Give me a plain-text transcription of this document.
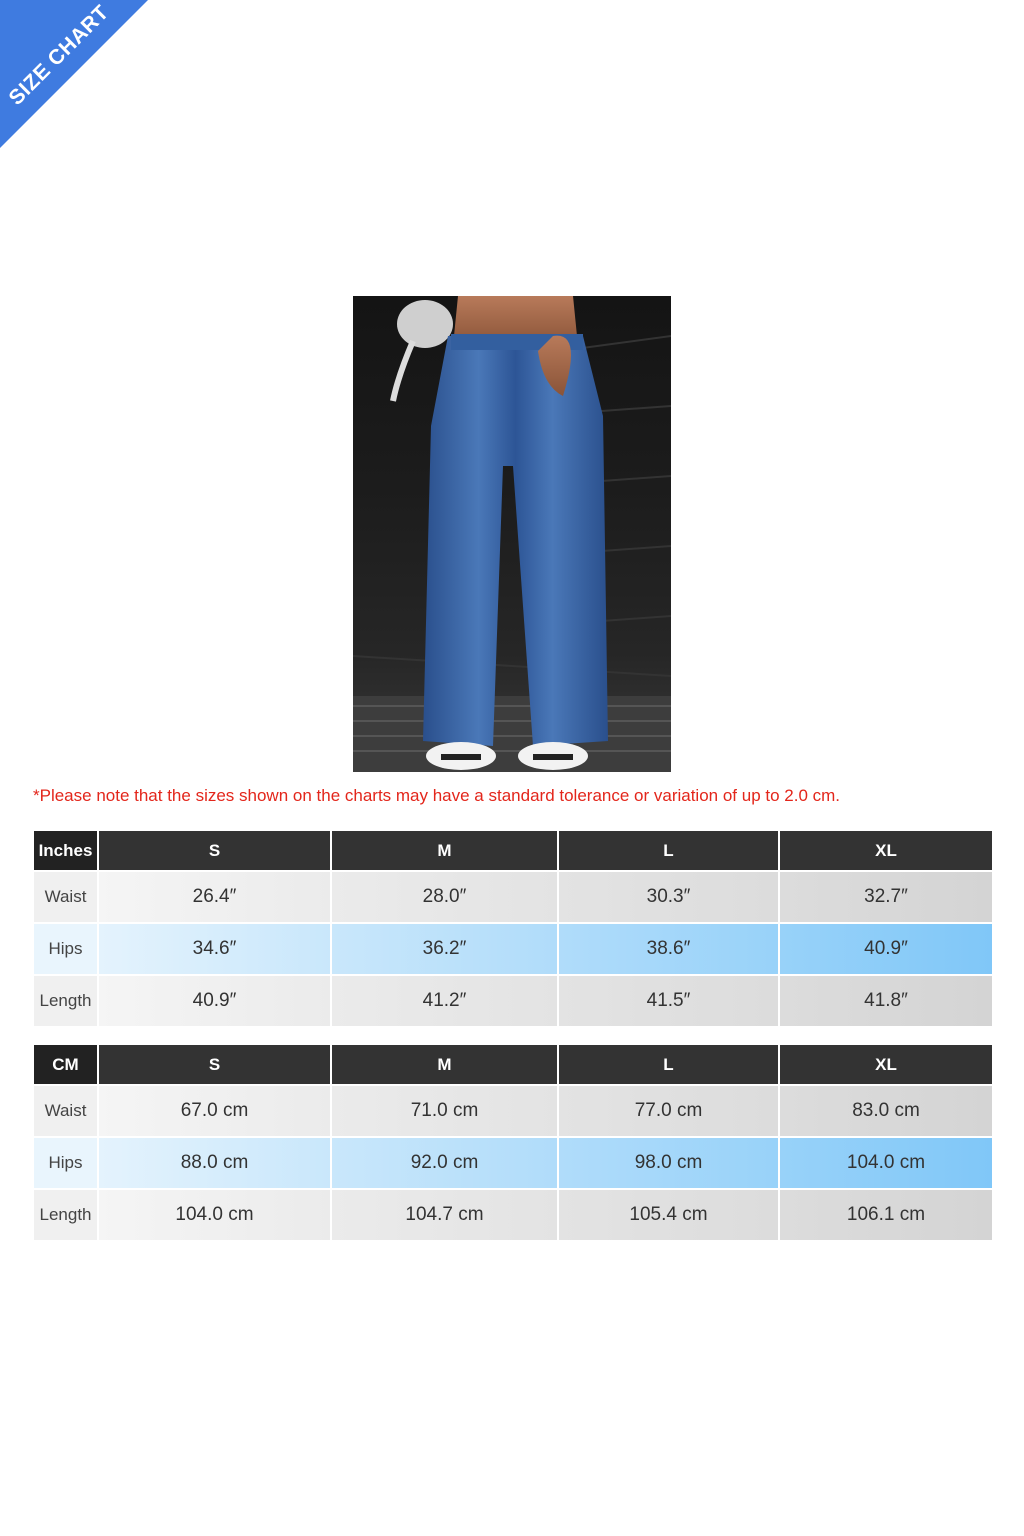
SIZE CHART
*Please note that the sizes shown on the charts may have a standard tolerance or variation of up to 2.0 cm.
Inches	S	M	L	XL
Waist	26.4″	28.0″	30.3″	32.7″
Hips	34.6″	36.2″	38.6″	40.9″
Length	40.9″	41.2″	41.5″	41.8″
CM	S	M	L	XL
Waist	67.0 cm	71.0 cm	77.0 cm	83.0 cm
Hips	88.0 cm	92.0 cm	98.0 cm	104.0 cm
Length	104.0 cm	104.7 cm	105.4 cm	106.1 cm
